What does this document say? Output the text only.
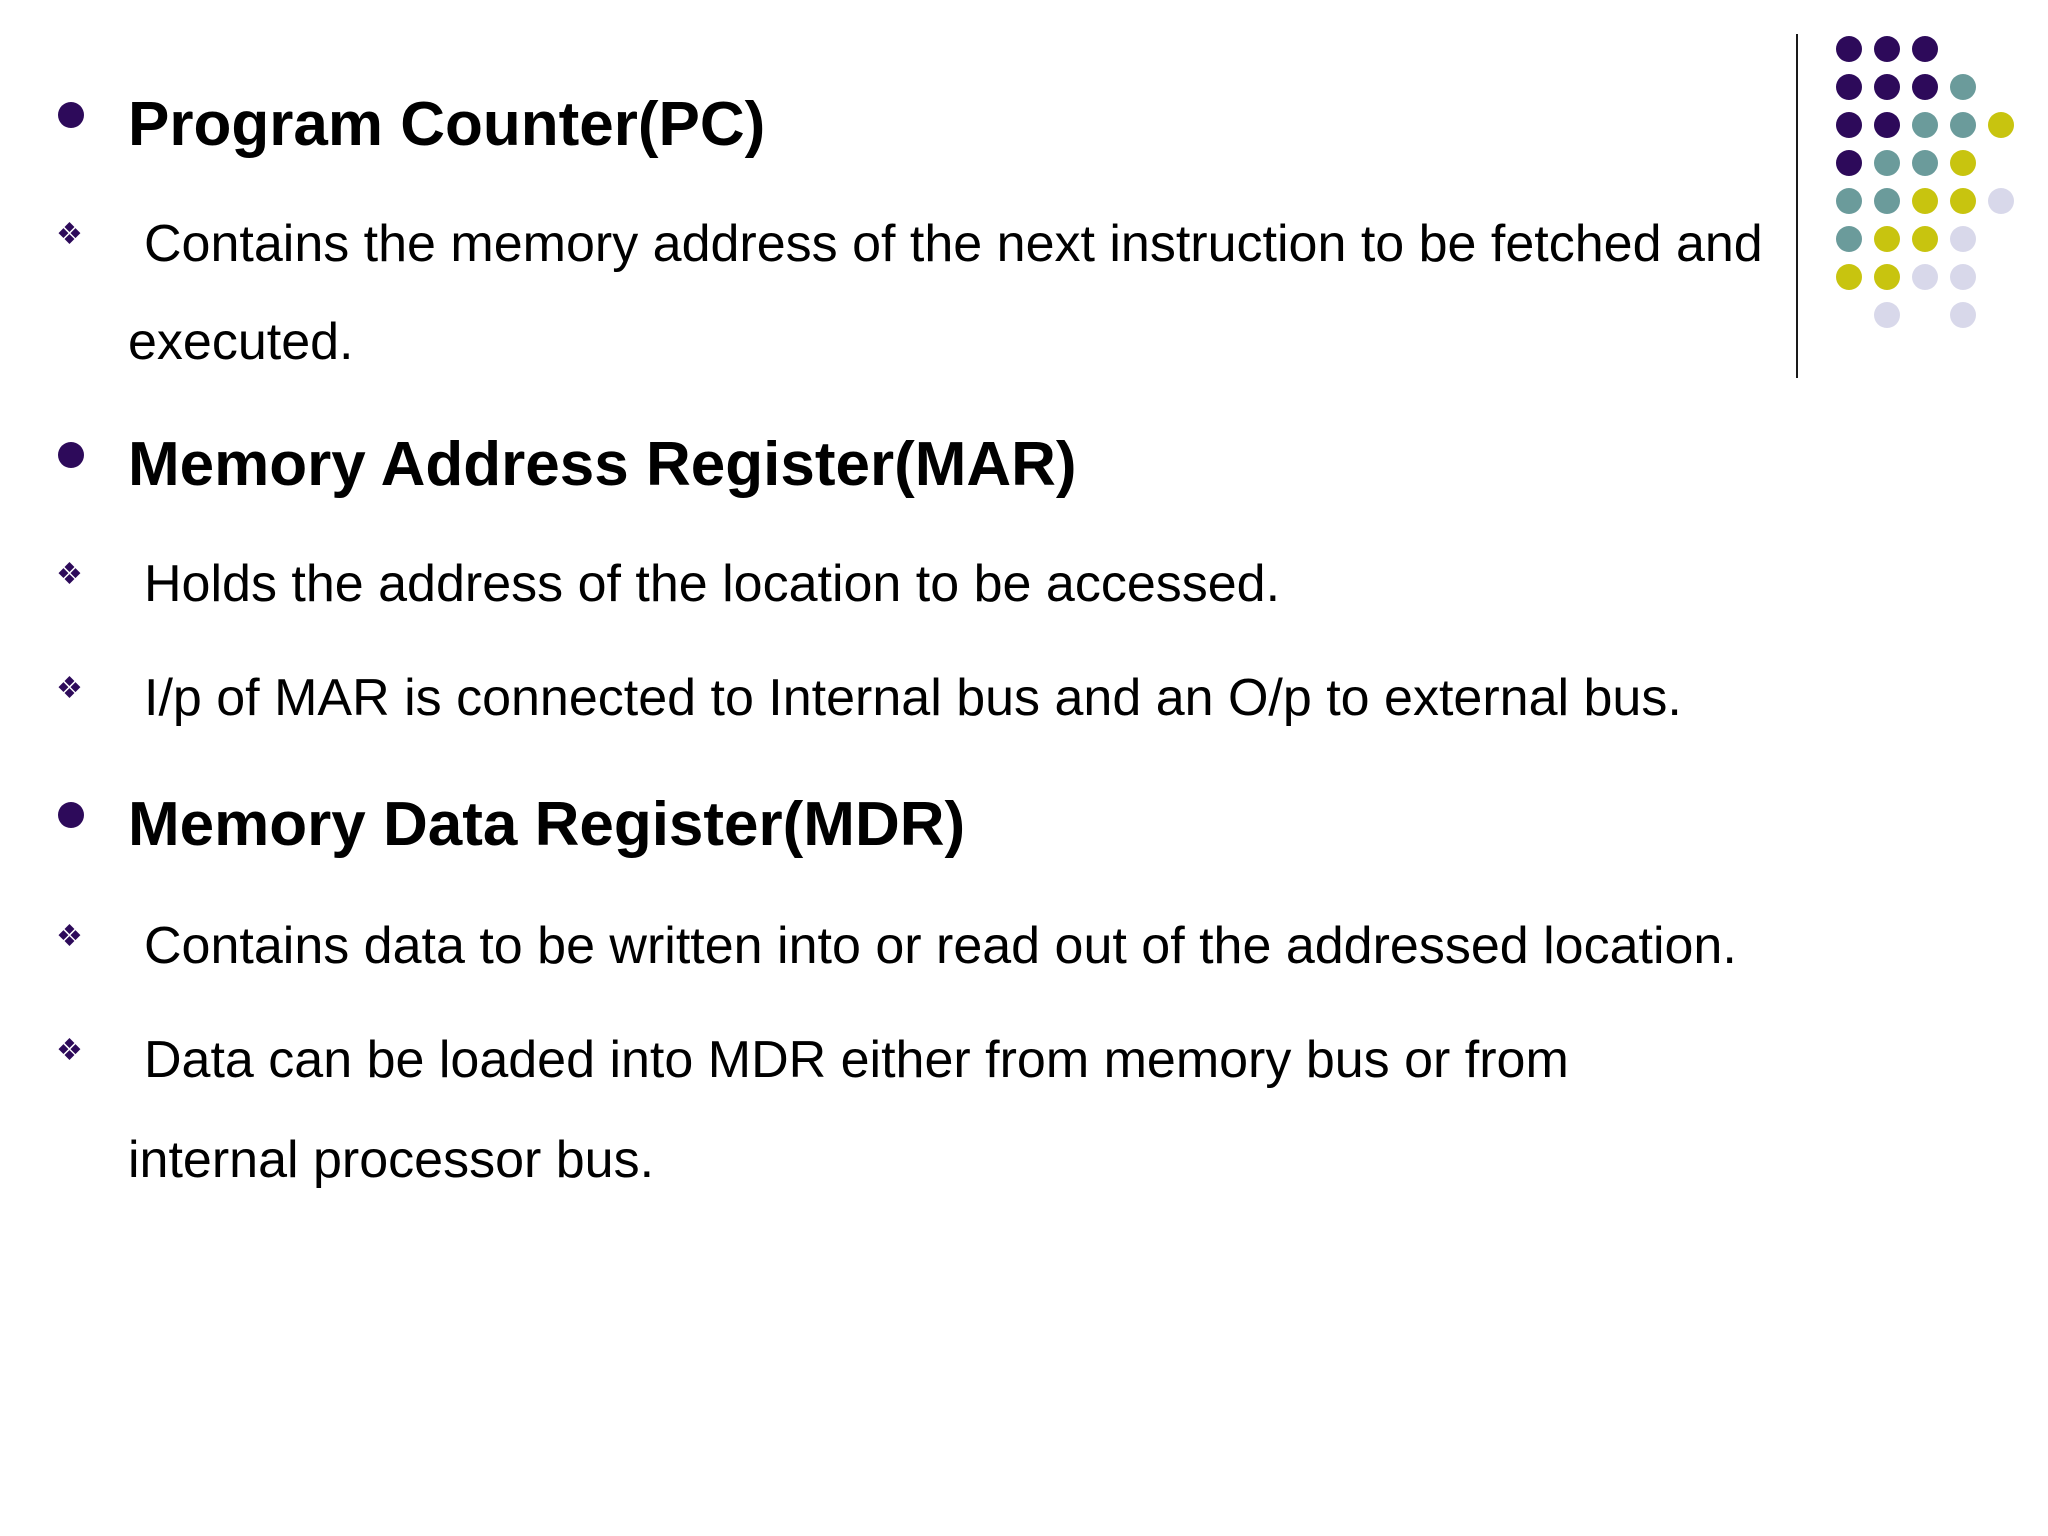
Program Counter(PC)
❖	Contains the memory address of the next instruction to be fetched and
executed.
Memory Address Register(MAR)
❖	Holds the address of the location to be accessed.
❖	I/p of MAR is connected to Internal bus and an O/p to external bus.
Memory Data Register(MDR)
❖	Contains data to be written into or read out of the addressed location.
❖	Data can be loaded into MDR either from memory bus or from
internal processor bus.
